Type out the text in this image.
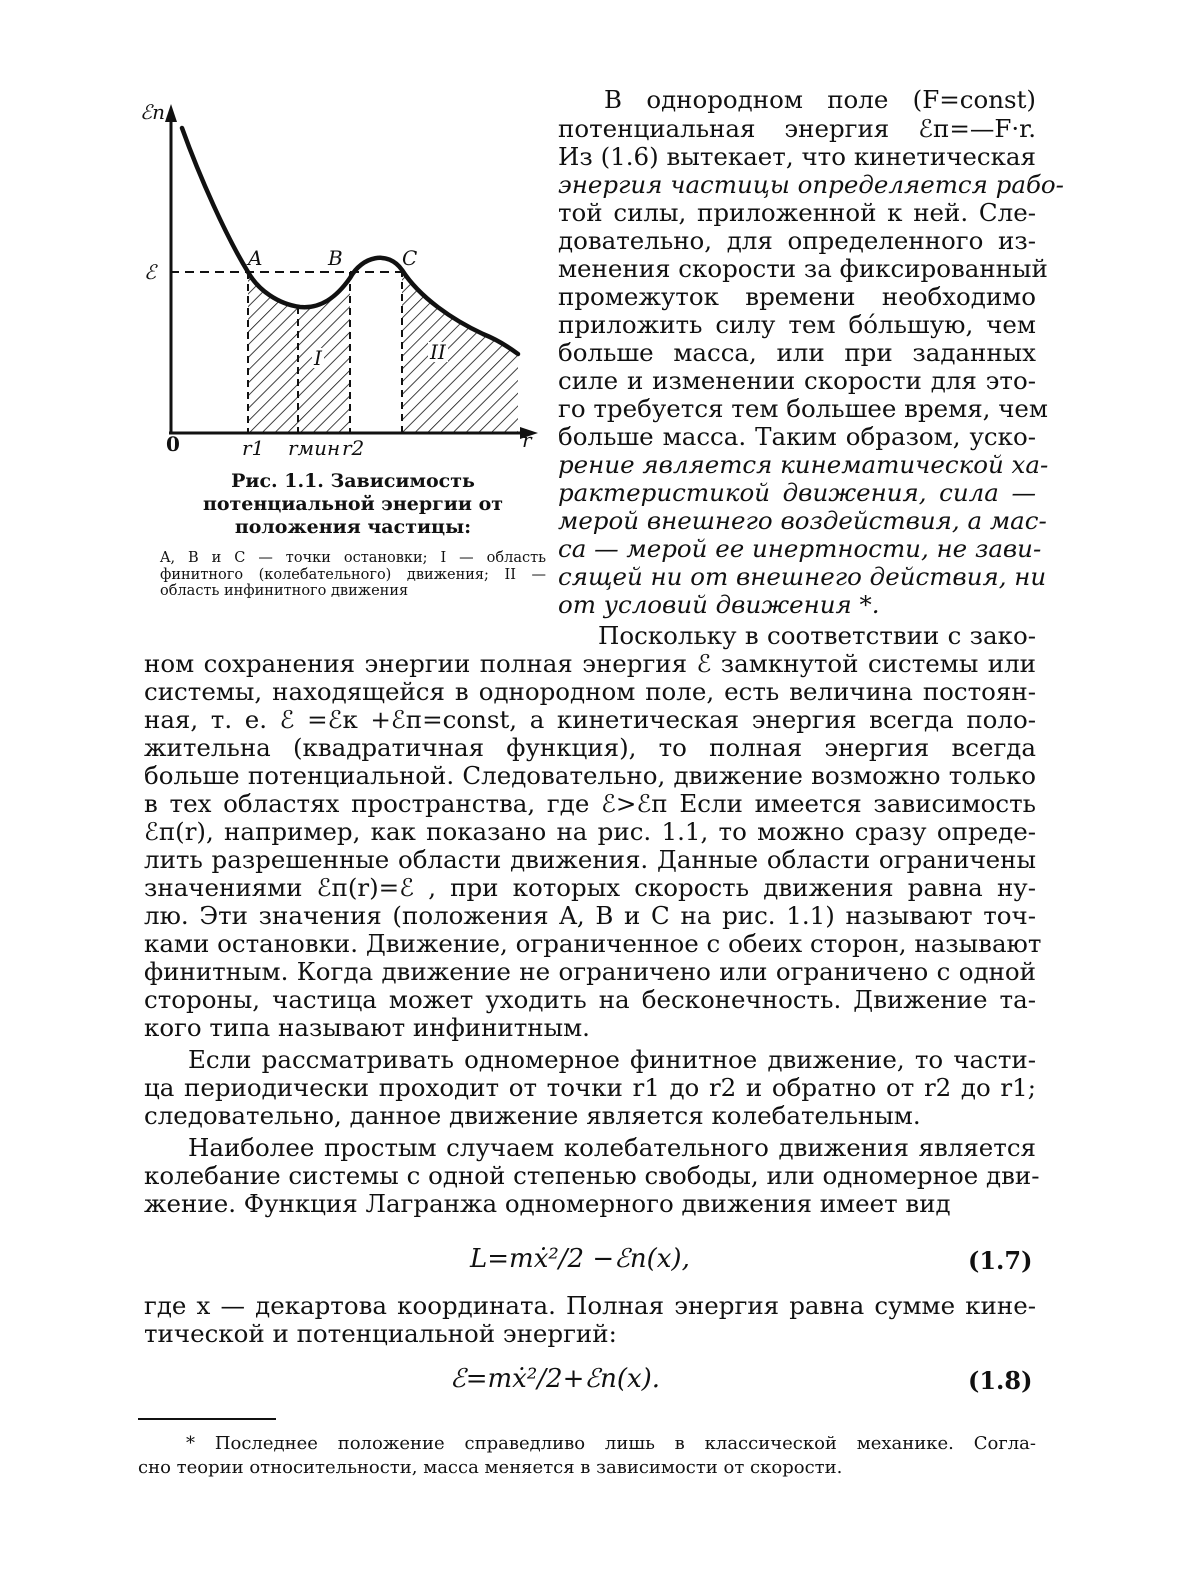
ℰп
ℰ
0	r
A	B	C
I	II
r1 rмин r2
Рис. 1.1. Зависимость потенциальной энергии от положения частицы:
A, B и C — точки остановки; I — область финитного (колебательного) движения; II — область инфинитного движения
В однородном поле (F=const)
потенциальная энергия ℰп=—F·r.
Из (1.6) вытекает, что кинетическая
энергия частицы определяется рабо-
той силы, приложенной к ней. Сле-
довательно, для определенного из-
менения скорости за фиксированный
промежуток времени необходимо
приложить силу тем бóльшую, чем
больше масса, или при заданных
силе и изменении скорости для это-
го требуется тем большее время, чем
больше масса. Таким образом, уско-
рение является кинематической ха-
рактеристикой движения, сила —
мерой внешнего воздействия, а мас-
са — мерой ее инертности, не зави-
сящей ни от внешнего действия, ни
от условий движения *.
Поскольку в соответствии с зако-
ном сохранения энергии полная энергия ℰ замкнутой системы или
системы, находящейся в однородном поле, есть величина постоян-
ная, т. е. ℰ =ℰк +ℰп=const, а кинетическая энергия всегда поло-
жительна (квадратичная функция), то полная энергия всегда
больше потенциальной. Следовательно, движение возможно только
в тех областях пространства, где ℰ>ℰп Если имеется зависимость
ℰп(r), например, как показано на рис. 1.1, то можно сразу опреде-
лить разрешенные области движения. Данные области ограничены
значениями ℰп(r)=ℰ , при которых скорость движения равна ну-
лю. Эти значения (положения A, B и C на рис. 1.1) называют точ-
ками остановки. Движение, ограниченное с обеих сторон, называют
финитным. Когда движение не ограничено или ограничено с одной
стороны, частица может уходить на бесконечность. Движение та-
кого типа называют инфинитным.
Если рассматривать одномерное финитное движение, то части-
ца периодически проходит от точки r1 до r2 и обратно от r2 до r1;
следовательно, данное движение является колебательным.
Наиболее простым случаем колебательного движения является
колебание системы с одной степенью свободы, или одномерное дви-
жение. Функция Лагранжа одномерного движения имеет вид
L=mẋ²/2 −ℰп(x),	(1.7)
где x — декартова координата. Полная энергия равна сумме кине-
тической и потенциальной энергий:
ℰ=mẋ²/2+ℰп(x).	(1.8)
* Последнее положение справедливо лишь в классической механике. Согла-
сно теории относительности, масса меняется в зависимости от скорости.
